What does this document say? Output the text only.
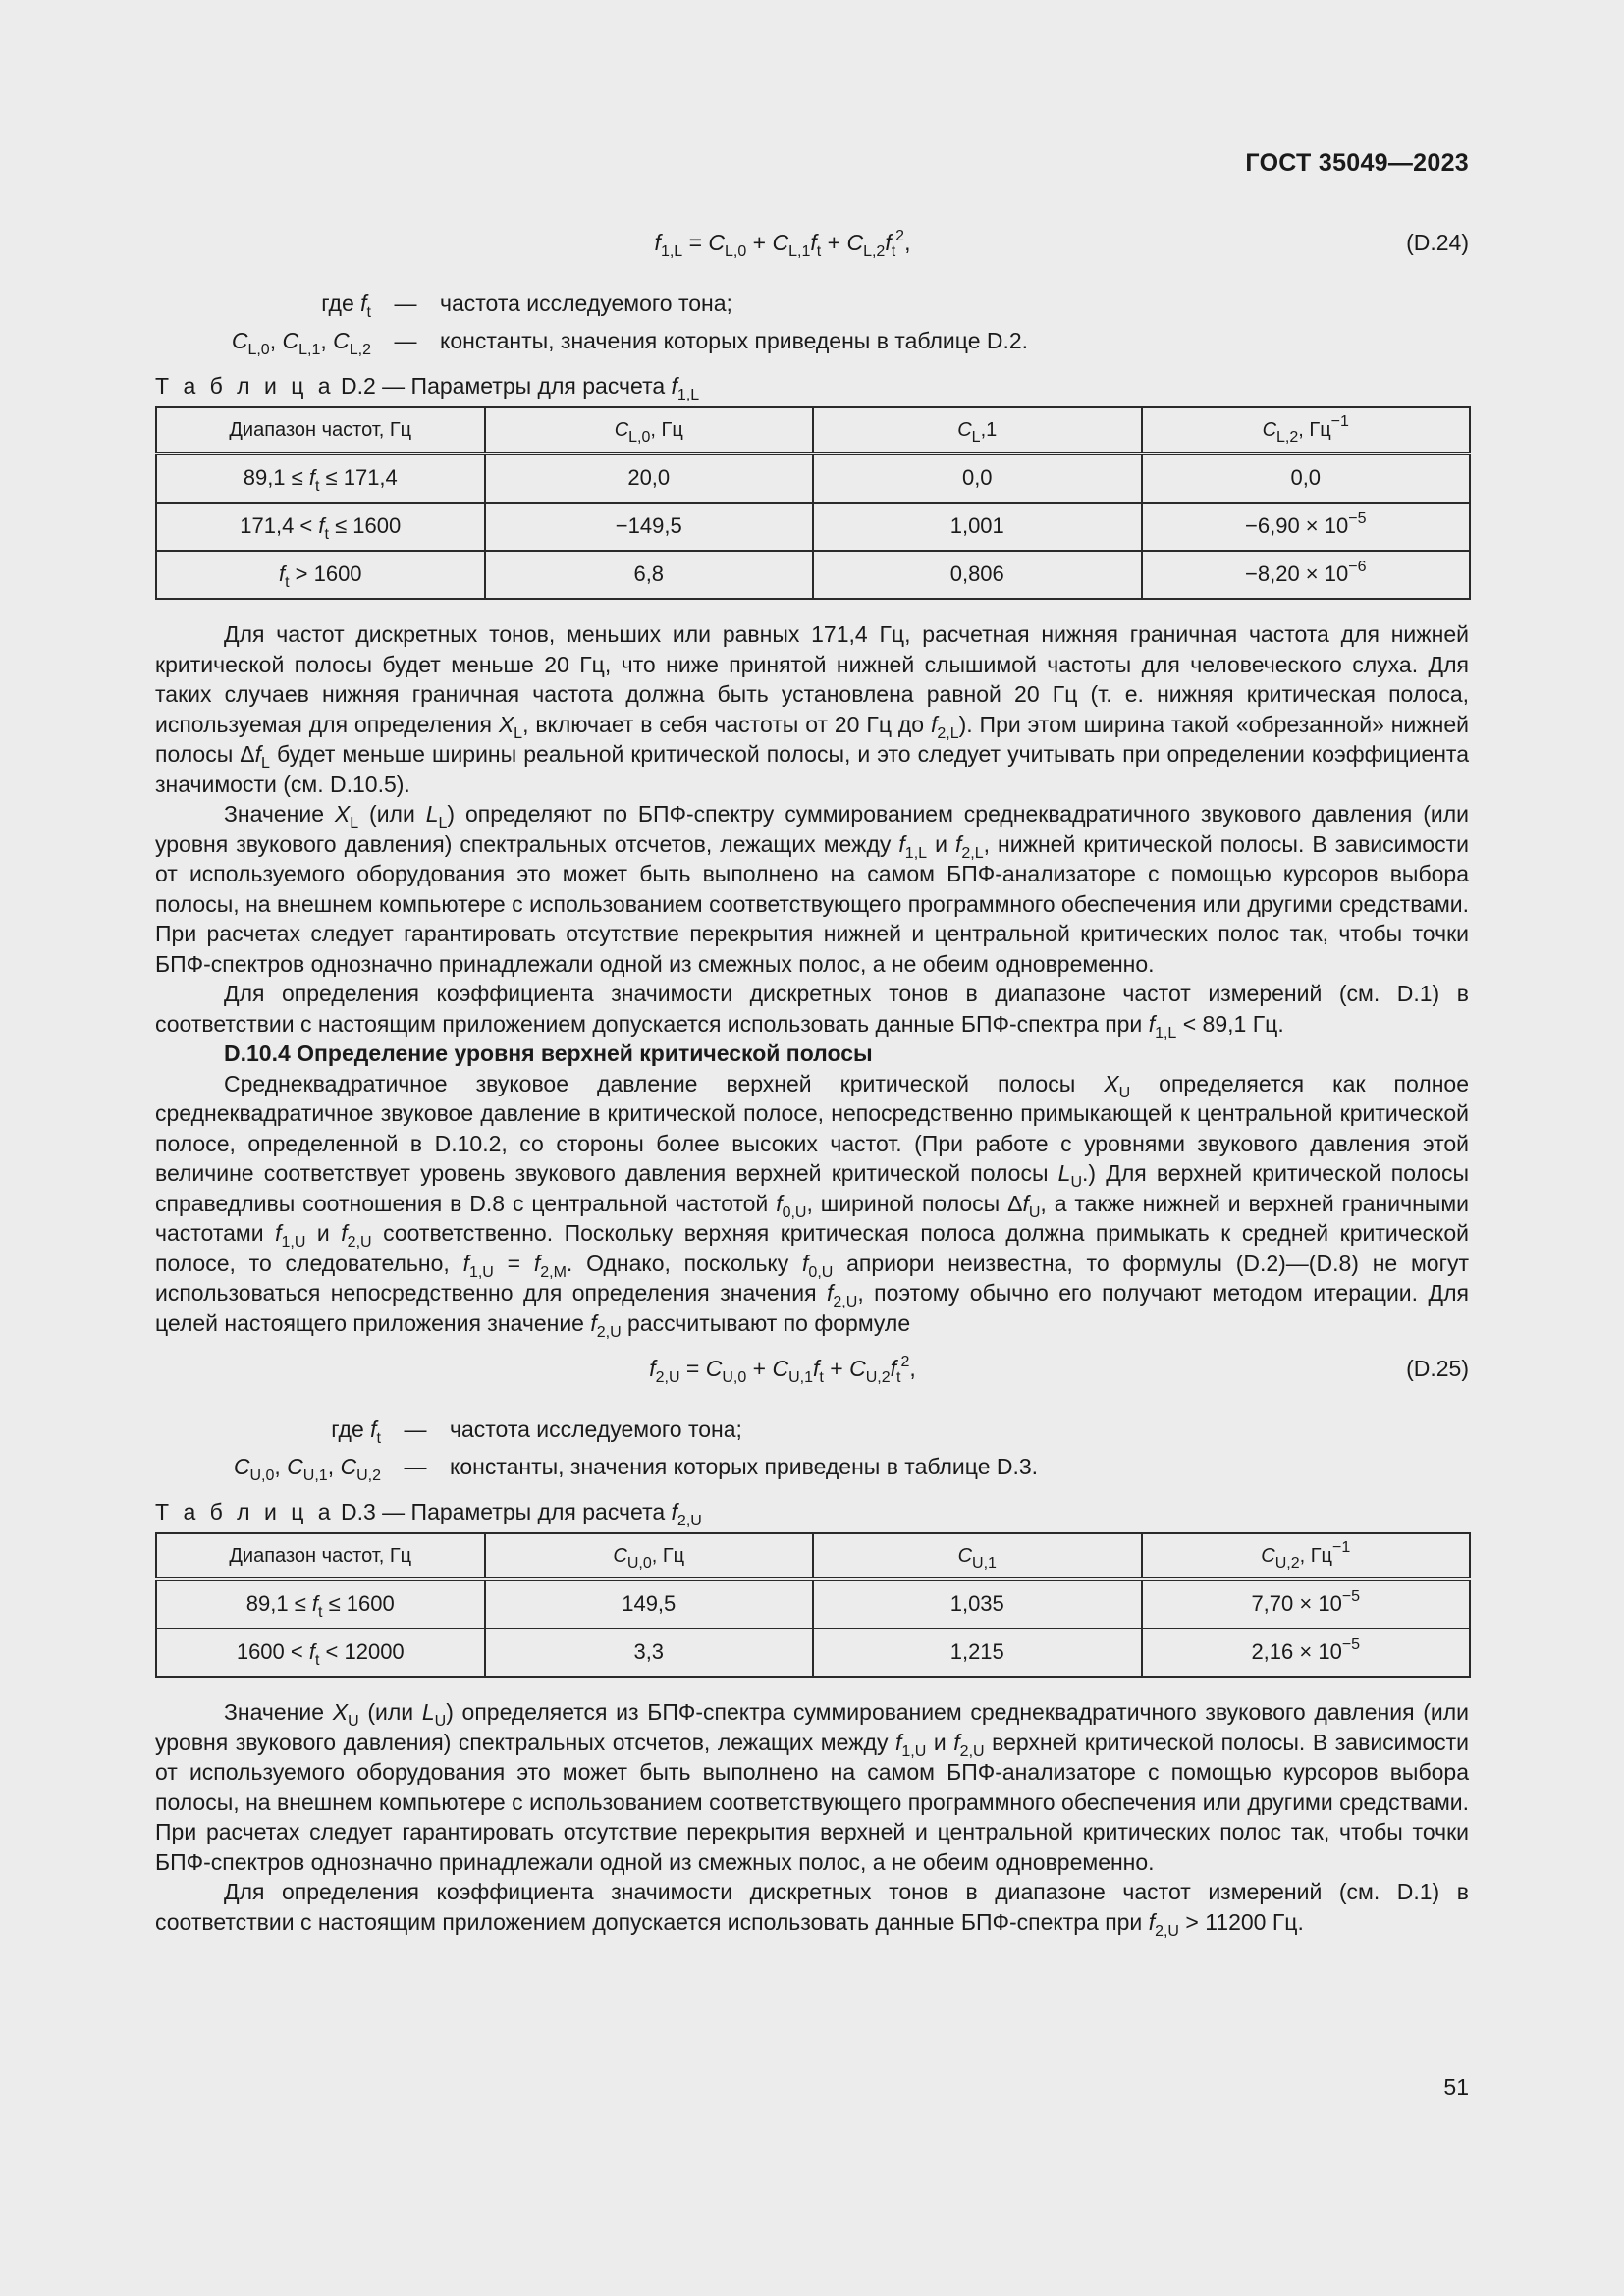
ГОСТ 35049—2023
$f_{1,L} = C_{L,0} + C_{L,1}f_t + C_{L,2}f_t^2$,	(D.24)
где $f_t$	—	частота исследуемого тона;
$C_{L,0}$, $C_{L,1}$, $C_{L,2}$	—	константы, значения которых приведены в таблице D.2.
Т а б л и ц а D.2 — Параметры для расчета $f_{1,L}$
Диапазон частот, Гц	$C_{L,0}$, Гц	$C_L,1$	$C_{L,2}$, $Гц^{-1}$
$89,1 \le f_t \le 171,4$	20,0	0,0	0,0
$171,4 < f_t \le 1600$	−149,5	1,001	$-6,90 \times 10^{-5}$
$f_t > 1600$	6,8	0,806	$-8,20 \times 10^{-6}$

Для частот дискретных тонов, меньших или равных 171,4 Гц, расчетная нижняя граничная частота для нижней критической полосы будет меньше 20 Гц, что ниже принятой нижней слышимой частоты для человеческого слуха. Для таких случаев нижняя граничная частота должна быть установлена равной 20 Гц (т. е. нижняя критическая полоса, используемая для определения $X_L$, включает в себя частоты от 20 Гц до $f_{2,L}$). При этом ширина такой «обрезанной» нижней полосы $\Delta f_L$ будет меньше ширины реальной критической полосы, и это следует учитывать при определении коэффициента значимости (см. D.10.5).

Значение $X_L$ (или $L_L$) определяют по БПФ-спектру суммированием среднеквадратичного звукового давления (или уровня звукового давления) спектральных отсчетов, лежащих между $f_{1,L}$ и $f_{2,L}$, нижней критической полосы. В зависимости от используемого оборудования это может быть выполнено на самом БПФ-анализаторе с помощью курсоров выбора полосы, на внешнем компьютере с использованием соответствующего программного обеспечения или другими средствами. При расчетах следует гарантировать отсутствие перекрытия нижней и центральной критических полос так, чтобы точки БПФ-спектров однозначно принадлежали одной из смежных полос, а не обеим одновременно.

Для определения коэффициента значимости дискретных тонов в диапазоне частот измерений (см. D.1) в соответствии с настоящим приложением допускается использовать данные БПФ-спектра при $f_{1,L} < 89,1$ Гц.

D.10.4 Определение уровня верхней критической полосы

Среднеквадратичное звуковое давление верхней критической полосы $X_U$ определяется как полное среднеквадратичное звуковое давление в критической полосе, непосредственно примыкающей к центральной критической полосе, определенной в D.10.2, со стороны более высоких частот. (При работе с уровнями звукового давления этой величине соответствует уровень звукового давления верхней критической полосы $L_U$.) Для верхней критической полосы справедливы соотношения в D.8 с центральной частотой $f_{0,U}$, шириной полосы $\Delta f_U$, а также нижней и верхней граничными частотами $f_{1,U}$ и $f_{2,U}$ соответственно. Поскольку верхняя критическая полоса должна примыкать к средней критической полосе, то следовательно, $f_{1,U} = f_{2,M}$. Однако, поскольку $f_{0,U}$ априори неизвестна, то формулы (D.2)—(D.8) не могут использоваться непосредственно для определения значения $f_{2,U}$, поэтому обычно его получают методом итерации. Для целей настоящего приложения значение $f_{2,U}$ рассчитывают по формуле

$f_{2,U} = C_{U,0} + C_{U,1}f_t + C_{U,2}f_t^2$,	(D.25)
где $f_t$	—	частота исследуемого тона;
$C_{U,0}$, $C_{U,1}$, $C_{U,2}$	—	константы, значения которых приведены в таблице D.3.
Т а б л и ц а D.3 — Параметры для расчета $f_{2,U}$
Диапазон частот, Гц	$C_{U,0}$, Гц	$C_{U,1}$	$C_{U,2}$, $Гц^{-1}$
$89,1 \le f_t \le 1600$	149,5	1,035	$7,70 \times 10^{-5}$
$1600 < f_t < 12000$	3,3	1,215	$2,16 \times 10^{-5}$

Значение $X_U$ (или $L_U$) определяется из БПФ-спектра суммированием среднеквадратичного звукового давления (или уровня звукового давления) спектральных отсчетов, лежащих между $f_{1,U}$ и $f_{2,U}$ верхней критической полосы. В зависимости от используемого оборудования это может быть выполнено на самом БПФ-анализаторе с помощью курсоров выбора полосы, на внешнем компьютере с использованием соответствующего программного обеспечения или другими средствами. При расчетах следует гарантировать отсутствие перекрытия верхней и центральной критических полос так, чтобы точки БПФ-спектров однозначно принадлежали одной из смежных полос, а не обеим одновременно.

Для определения коэффициента значимости дискретных тонов в диапазоне частот измерений (см. D.1) в соответствии с настоящим приложением допускается использовать данные БПФ-спектра при $f_{2,U} > 11200$ Гц.

51
